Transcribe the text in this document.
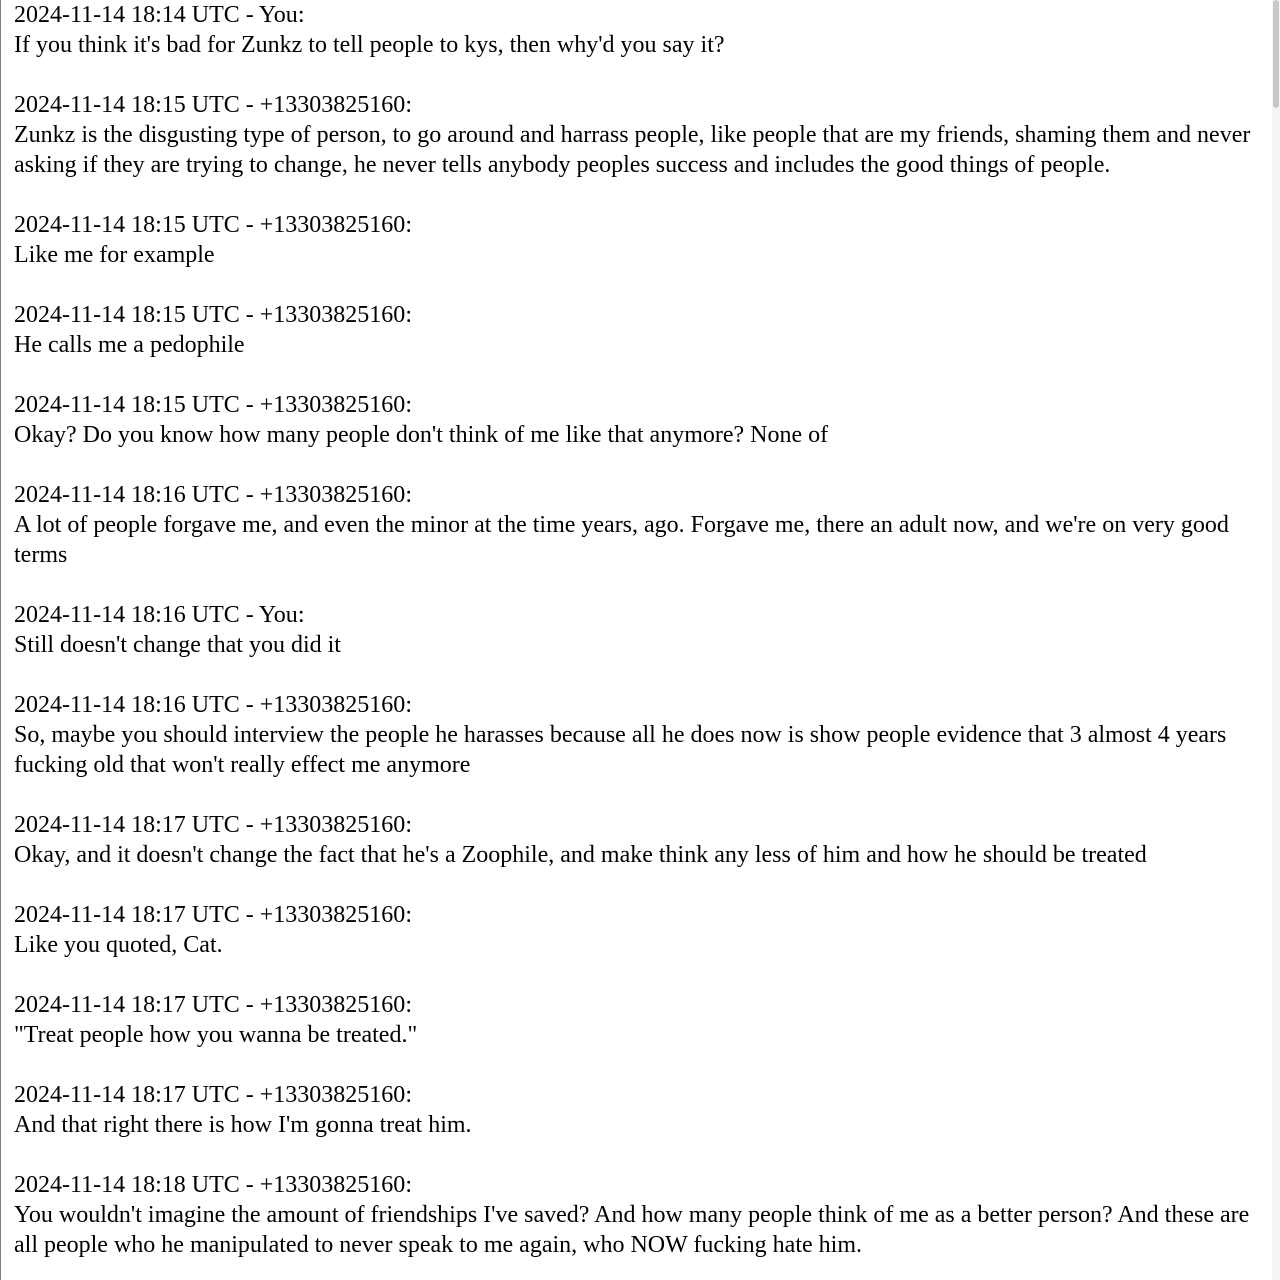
2024-11-14 18:14 UTC - You:
If you think it's bad for Zunkz to tell people to kys, then why'd you say it?
2024-11-14 18:15 UTC - +13303825160:
Zunkz is the disgusting type of person, to go around and harrass people, like people that are my friends, shaming them and never asking if they are trying to change, he never tells anybody peoples success and includes the good things of people.
2024-11-14 18:15 UTC - +13303825160:
Like me for example
2024-11-14 18:15 UTC - +13303825160:
He calls me a pedophile
2024-11-14 18:15 UTC - +13303825160:
Okay? Do you know how many people don't think of me like that anymore? None of
2024-11-14 18:16 UTC - +13303825160:
A lot of people forgave me, and even the minor at the time years, ago. Forgave me, there an adult now, and we're on very good terms
2024-11-14 18:16 UTC - You:
Still doesn't change that you did it
2024-11-14 18:16 UTC - +13303825160:
So, maybe you should interview the people he harasses because all he does now is show people evidence that 3 almost 4 years fucking old that won't really effect me anymore
2024-11-14 18:17 UTC - +13303825160:
Okay, and it doesn't change the fact that he's a Zoophile, and make think any less of him and how he should be treated
2024-11-14 18:17 UTC - +13303825160:
Like you quoted, Cat.
2024-11-14 18:17 UTC - +13303825160:
"Treat people how you wanna be treated."
2024-11-14 18:17 UTC - +13303825160:
And that right there is how I'm gonna treat him.
2024-11-14 18:18 UTC - +13303825160:
You wouldn't imagine the amount of friendships I've saved? And how many people think of me as a better person? And these are all people who he manipulated to never speak to me again, who NOW fucking hate him.
